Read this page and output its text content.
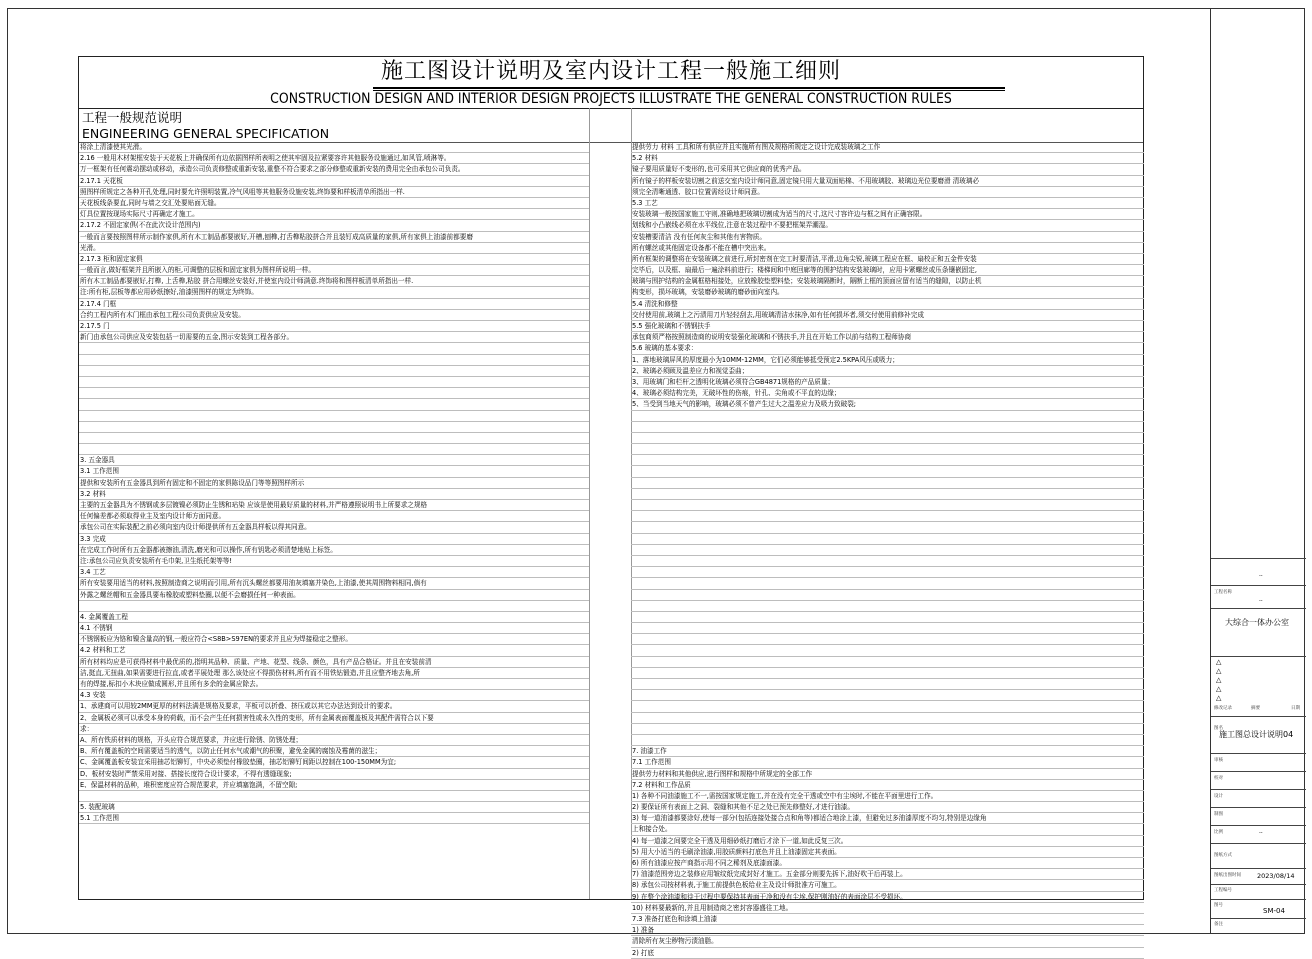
施工图设计说明及室内设计工程一般施工细则
CONSTRUCTION DESIGN AND INTERIOR DESIGN PROJECTS ILLUSTRATE THE GENERAL CONSTRUCTION RULES
工程一般规范说明
ENGINEERING GENERAL SPECIFICATION
将涂上清漆使其光滑。
2.16 一般用木材架框安装于天花板上并确保所有边依据图样所表明之使其牢固及拉紧要容许其他服务设施通过,如风管,喷淋等。
万一框架有任何震动摆动或移动，承造公司负责修整或重新安装,重整不符合要求之部分修整或重新安装的费用完全由承包公司负责。
2.17.1 天花板
照图样所规定之各种开孔处理,同时要允许照明装置,冷气风咀等其他服务设施安装,终饰要和样板清单所指出一样.
天花板线条要直,同时与墙之交汇处要贴面无缝。
灯具位置按现场实际尺寸再确定才施工。
2.17.2 不固定家俱(不在此次设计范围内)
一般而言要按照图样所示制作家俱,所有木工制品都要嵌好,开槽,刨榫,打舌榫粘胶拼合并且装钉成高质量的家俱,所有家俱上油漆前都要磨
光滑。
2.17.3 柜和固定家俱
一般而言,做好框架并且所嵌入的柜,可调整的层板和固定家俱为图样所说明一样。
所有木工制品都要嵌好,打榫, 上舌榫,粘胶 拼合用螺丝安装好,并使室内设计师满意.终饰将和图样板清单所指出一样.
注:所有柜,层板等都应用砂纸擦好,油漆照图样的规定为终饰。
2.17.4 门框
合约工程内所有木门框由承包工程公司负责供应及安装。
2.17.5 门
新门由承包公司供应及安装包括一切需要的五金,图示安装到工程各部分。
3. 五金器具
3.1 工作范围
提供和安装所有五金器具到所有固定和不固定的家俱陈设品门等等照图样所示
3.2 材料
主要的五金器具为不锈钢或多层镀镍必须防止生锈和玷染 应该是使用最好质量的材料,并严格遵照说明书上所要求之规格
任何偏差都必须取得业主及室内设计师方面同意。
承包公司在实际装配之前必须向室内设计师提供所有五金器具样板以得其同意。
3.3 完成
在完成工作时所有五金器都被擦油,清洗,磨光和可以操作,所有钥匙必须清楚地贴上标签。
注:承包公司应负责安装所有毛巾架,卫生纸托架等等!
3.4 工艺
所有安装要用适当的材料,按照制造商之说明而引用,所有沉头螺丝都要用油灰填塞并染色,上油漆,使其周围物料相同,倘有
外露之螺丝帽和五金器具要布橡胶或塑料垫圈,以便不会磨损任何一种表面。
4. 金属覆盖工程
4.1 不锈钢
不锈钢板应为铬和镍含量高的钢,一般应符合<S8B>S97EN的要求并且应为焊接稳定之整形。
4.2 材料和工艺
所有材料均应是可获得材料中最优质的,指明其品种、质量、产地、花型、线条、颜色，具有产品合格证。并且在安装前清
洁,挺直,无扭曲,如果需要进行拉直,或者平展处理 那么该处应不得损伤材料,所有而不用铁钻锻造,并且应整齐地去角,所
有的焊接,标扣小木块应做成圆形,并且所有多余的金属应除去。
4.3 安装
1、承建商可以用较2MM更厚的材料法满是规格及要求，平板可以折叠、挤压或以其它办法达到设计的要求。
2、金属板必须可以承受本身的荷载，而不会产生任何损害性或永久性的变形，所有金属表面覆盖板及其配件需符合以下要
求：
A、所有铁质材料的规格，开头应符合规范要求，并应进行除锈、防锈处理；
B、所有覆盖板的空间需要适当的透气，以防止任何水气或潮气的积聚，避免金属的腐蚀及霉菌的滋生；
C、金属覆盖板安装宜采用抽芯铝铆钉，中央必须垫付橡胶垫圈，抽芯铝铆钉间距以控制在100-150MM为宜;
D、板材安装时严禁采用对接、搭接长度符合设计要求，不得有透缝现象;
E、保温材料的品种，堆积密度应符合规范要求，并应填塞饱满，不留空隙;
5. 装配玻璃
5.1 工作范围
提供劳力 材料 工具和所有供应并且实施所有图及规格所规定之设计完成装玻璃之工作
5.2 材料
镜子要用质量好不变形的,也可采用其它供应商的优秀产品。
所有镜子的样板安装切割之前送交室内设计师同意,固定镜只用大量双面贴棉、不用玻璃胶、玻璃边光位要磨滑 清玻璃必
须完全清晰通透、胶口位置需经设计师同意。
5.3 工艺
安装玻璃一般按国家施工守则,准确地把玻璃切割成为适当的尺寸,这尺寸容许边与框之间有正确容限。
划线和小凸嵌线必须在水平线位,注意在装过程中不要把框架弄潮湿。
安装槽要清洁 没有任何灰尘和其他有害物质。
所有螺丝或其他固定设备都不能在槽中突出来。
所有框架的调整将在安装玻璃之前进行,所封密剂在完工时要清洁,平滑,边角尖锐,玻璃工程应在框、扇校正和五金件安装
完毕后，以及框、扇最后一遍涂料前进行；楼梯间和中庭回廊等的围护结构安装玻璃时，应用卡紧螺丝或压条镶嵌固定,
玻璃与围护结构的金属框格相接处，应放橡胶垫塑料垫；安装玻璃隔断时，隔断上框的顶面应留有适当的缝隙，以防止机
构变形，损坏玻璃，安装磨砂玻璃的磨砂面向室内。
5.4 清洗和修整
交付使用前,玻璃上之污渍用刀片轻轻刮去,用玻璃清洁水抹净,如有任何损坏者,须交付使用前修补完成
5.5 强化玻璃和不锈钢扶手
承包商须严格按照制造商的说明安装强化玻璃和不锈扶手,并且在开始工作以前与结构工程师协商
5.6 玻璃的基本要求：
1、落地玻璃屏风的厚度最小为10MM-12MM，它们必须能够抵受预定2.5KPA风压或吸力；
2、玻璃必须顾及温差应力和视觉歪曲；
3、用玻璃门和栏杆之透明化玻璃必须符合GB4871规格的产品质量；
4、玻璃必须结构完美，无破坏性的伤痕，针孔、尖角或不平直的边缘；
5、当受到当地天气的影响，玻璃必须不曾产生过大之温差应力及吸力致破裂;
7. 油漆工作
7.1 工作范围
提供劳力材料和其他供应,进行图样和规格中所规定的全部工作
7.2 材料和工作品质
1) 各种不同油漆施工不一,需按国家规定施工,并在没有完全干透或空中有尘埃时,不能在平面里进行工作。
2) 要保证所有表面上之洞、裂缝和其他不足之处已预先修整好,才进行油漆。
3) 每一道油漆都要涂好,使每一部分(包括连接处接合点和角等)都适合地涂上漆，但避免过多油漆厚度不均匀,特别是边缘角
上和接合处。
4) 每一道漆之间要完全干透及用细砂纸打磨后才涂下一道,如此反复三次。
5) 用大小适当的毛刷涂油漆,用胶质颜料打底色并且上油漆固定其表面。
6) 所有油漆应按产商指示用不同之稀剂及底漆面漆。
7) 油漆范围旁边之装修应用皱纹纸完成封好才施工。五金部分则要先拆下,油好吹干后再装上。
8) 承包公司按材料表,于施工前提供色板给业主及设计师批准方可施工。
9) 在整个涂油漆和待干过程中要保持其表面干净和没有尘埃,保护刚油好的表面涂层不受损坏。
10) 材料要最新的,并且用制造商之密封容器盛往工地。
7.3 准备打底色和涂填上油漆
1) 准备
清除所有灰尘秽物污渍油脂。
2) 打底

--
工程名称
--
大综合一体办公室
△
△
△
△
△
修改记录	摘要	日期
图名
施工图总设计说明04
审核
校对
设计
制图
比例	--
图纸方式
图纸出图时间 2023/08/14
工程编号
图号
SM-04
备注
